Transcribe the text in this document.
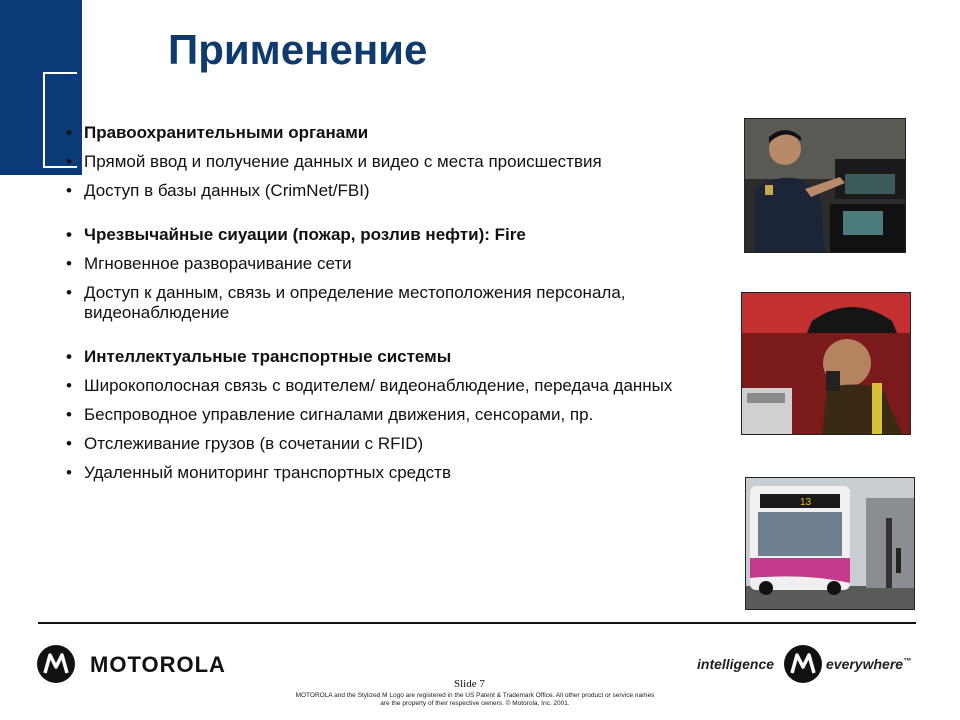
Применение
• Правоохранительными органами
• Прямой ввод и получение данных и видео с места происшествия
• Доступ в базы данных (CrimNet/FBI)
• Чрезвычайные сиуации (пожар, розлив нефти): Fire
• Мгновенное разворачивание сети
• Доступ к данным, связь и определение местоположения персонала, видеонаблюдение
• Интеллектуальные транспортные системы
• Широкополосная связь с водителем/ видеонаблюдение, передача данных
• Беспроводное управление сигналами движения, сенсорами, пр.
• Отслеживание грузов (в сочетании с RFID)
• Удаленный мониторинг транспортных средств
13
MOTOROLA	intelligence	everywhere™
Slide 7
MOTOROLA and the Stylized M Logo are registered in the US Patent & Trademark Office. All other product or service names are the property of their respective owners. © Motorola, Inc. 2001.
